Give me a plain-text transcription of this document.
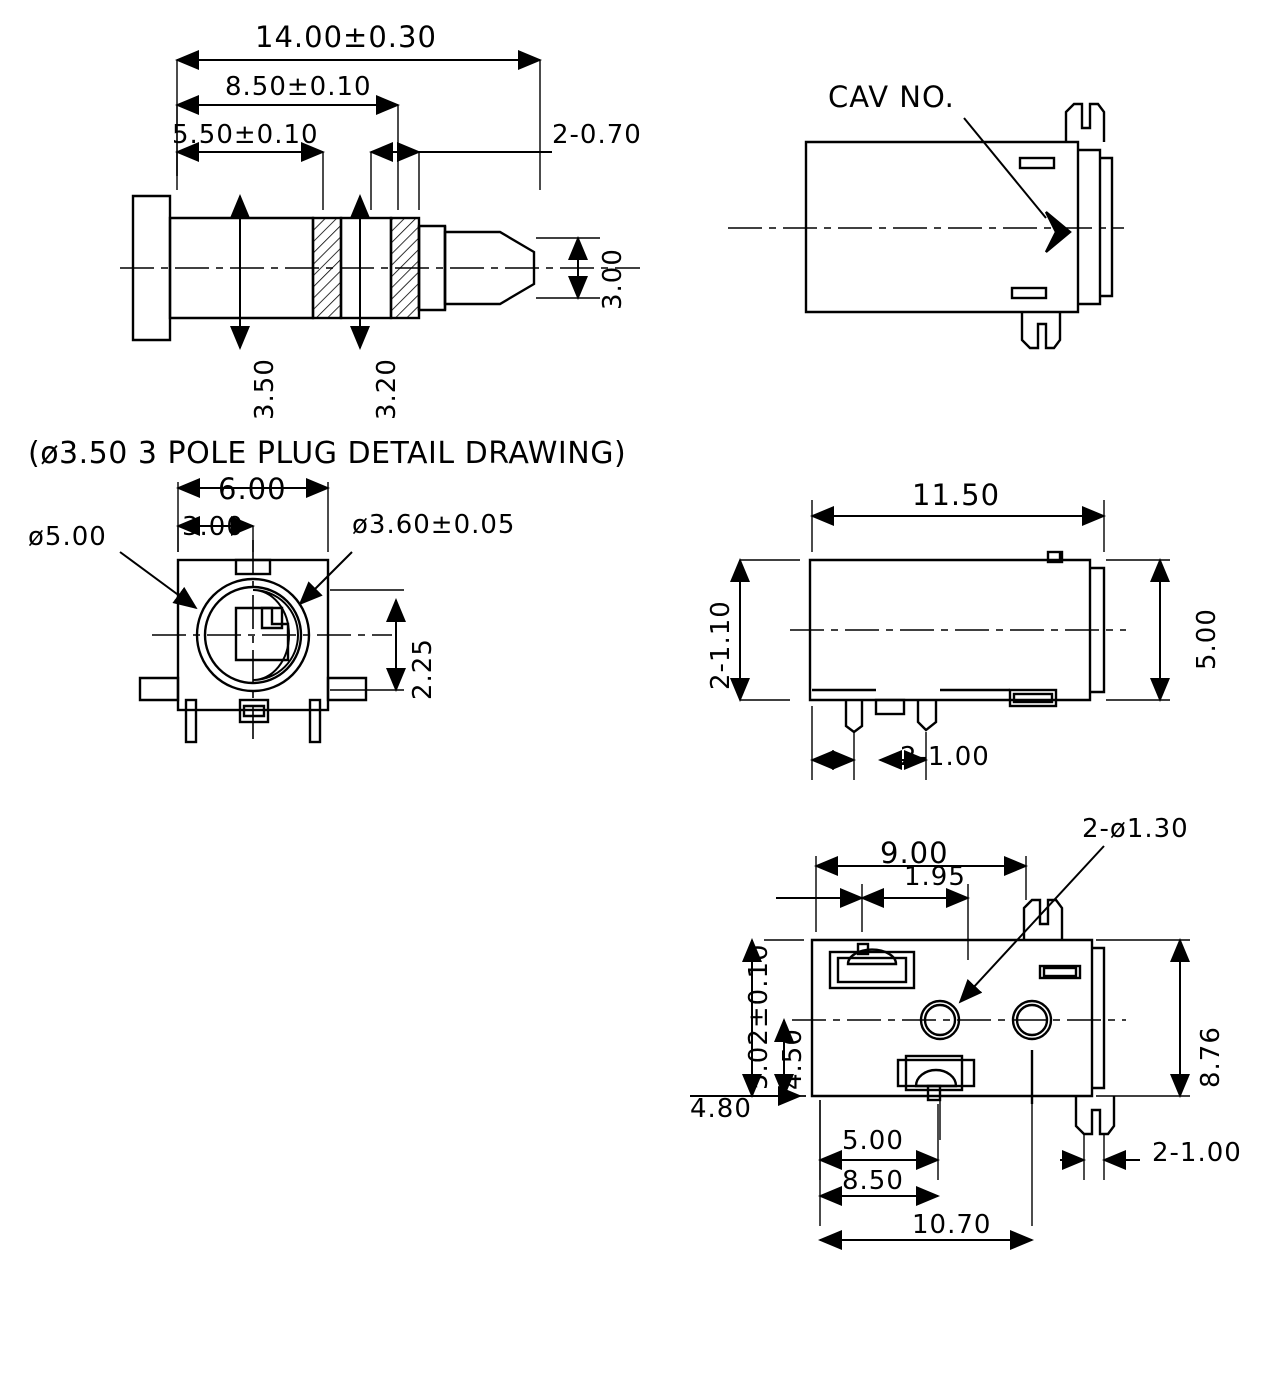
14.00±0.30
8.50±0.10
5.50±0.10	2-0.70
3.00
3.50	3.20
(ø3.50 3 POLE PLUG DETAIL DRAWING)
CAV NO.
6.00
3.00	ø3.60±0.05
ø5.00
2.25
11.50
5.00
2-1.10
2-1.00
9.00
1.95
2-ø1.30
5.02±0.10 4.50	8.76
4.80
5.00
8.50
10.70
2-1.00
